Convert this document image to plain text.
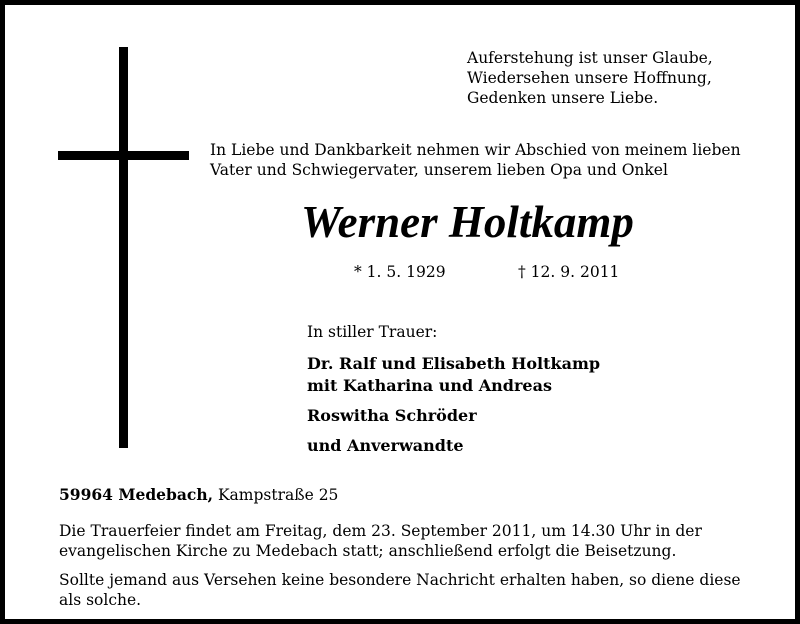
Auferstehung ist unser Glaube,
Wiedersehen unsere Hoffnung,
Gedenken unsere Liebe.
In Liebe und Dankbarkeit nehmen wir Abschied von meinem lieben
Vater und Schwiegervater, unserem lieben Opa und Onkel
Werner Holtkamp
* 1. 5. 1929	† 12. 9. 2011
In stiller Trauer:
Dr. Ralf und Elisabeth Holtkamp
mit Katharina und Andreas
Roswitha Schröder
und Anverwandte
59964 Medebach, Kampstraße 25
Die Trauerfeier findet am Freitag, dem 23. September 2011, um 14.30 Uhr in der
evangelischen Kirche zu Medebach statt; anschließend erfolgt die Beisetzung.
Sollte jemand aus Versehen keine besondere Nachricht erhalten haben, so diene diese
als solche.
